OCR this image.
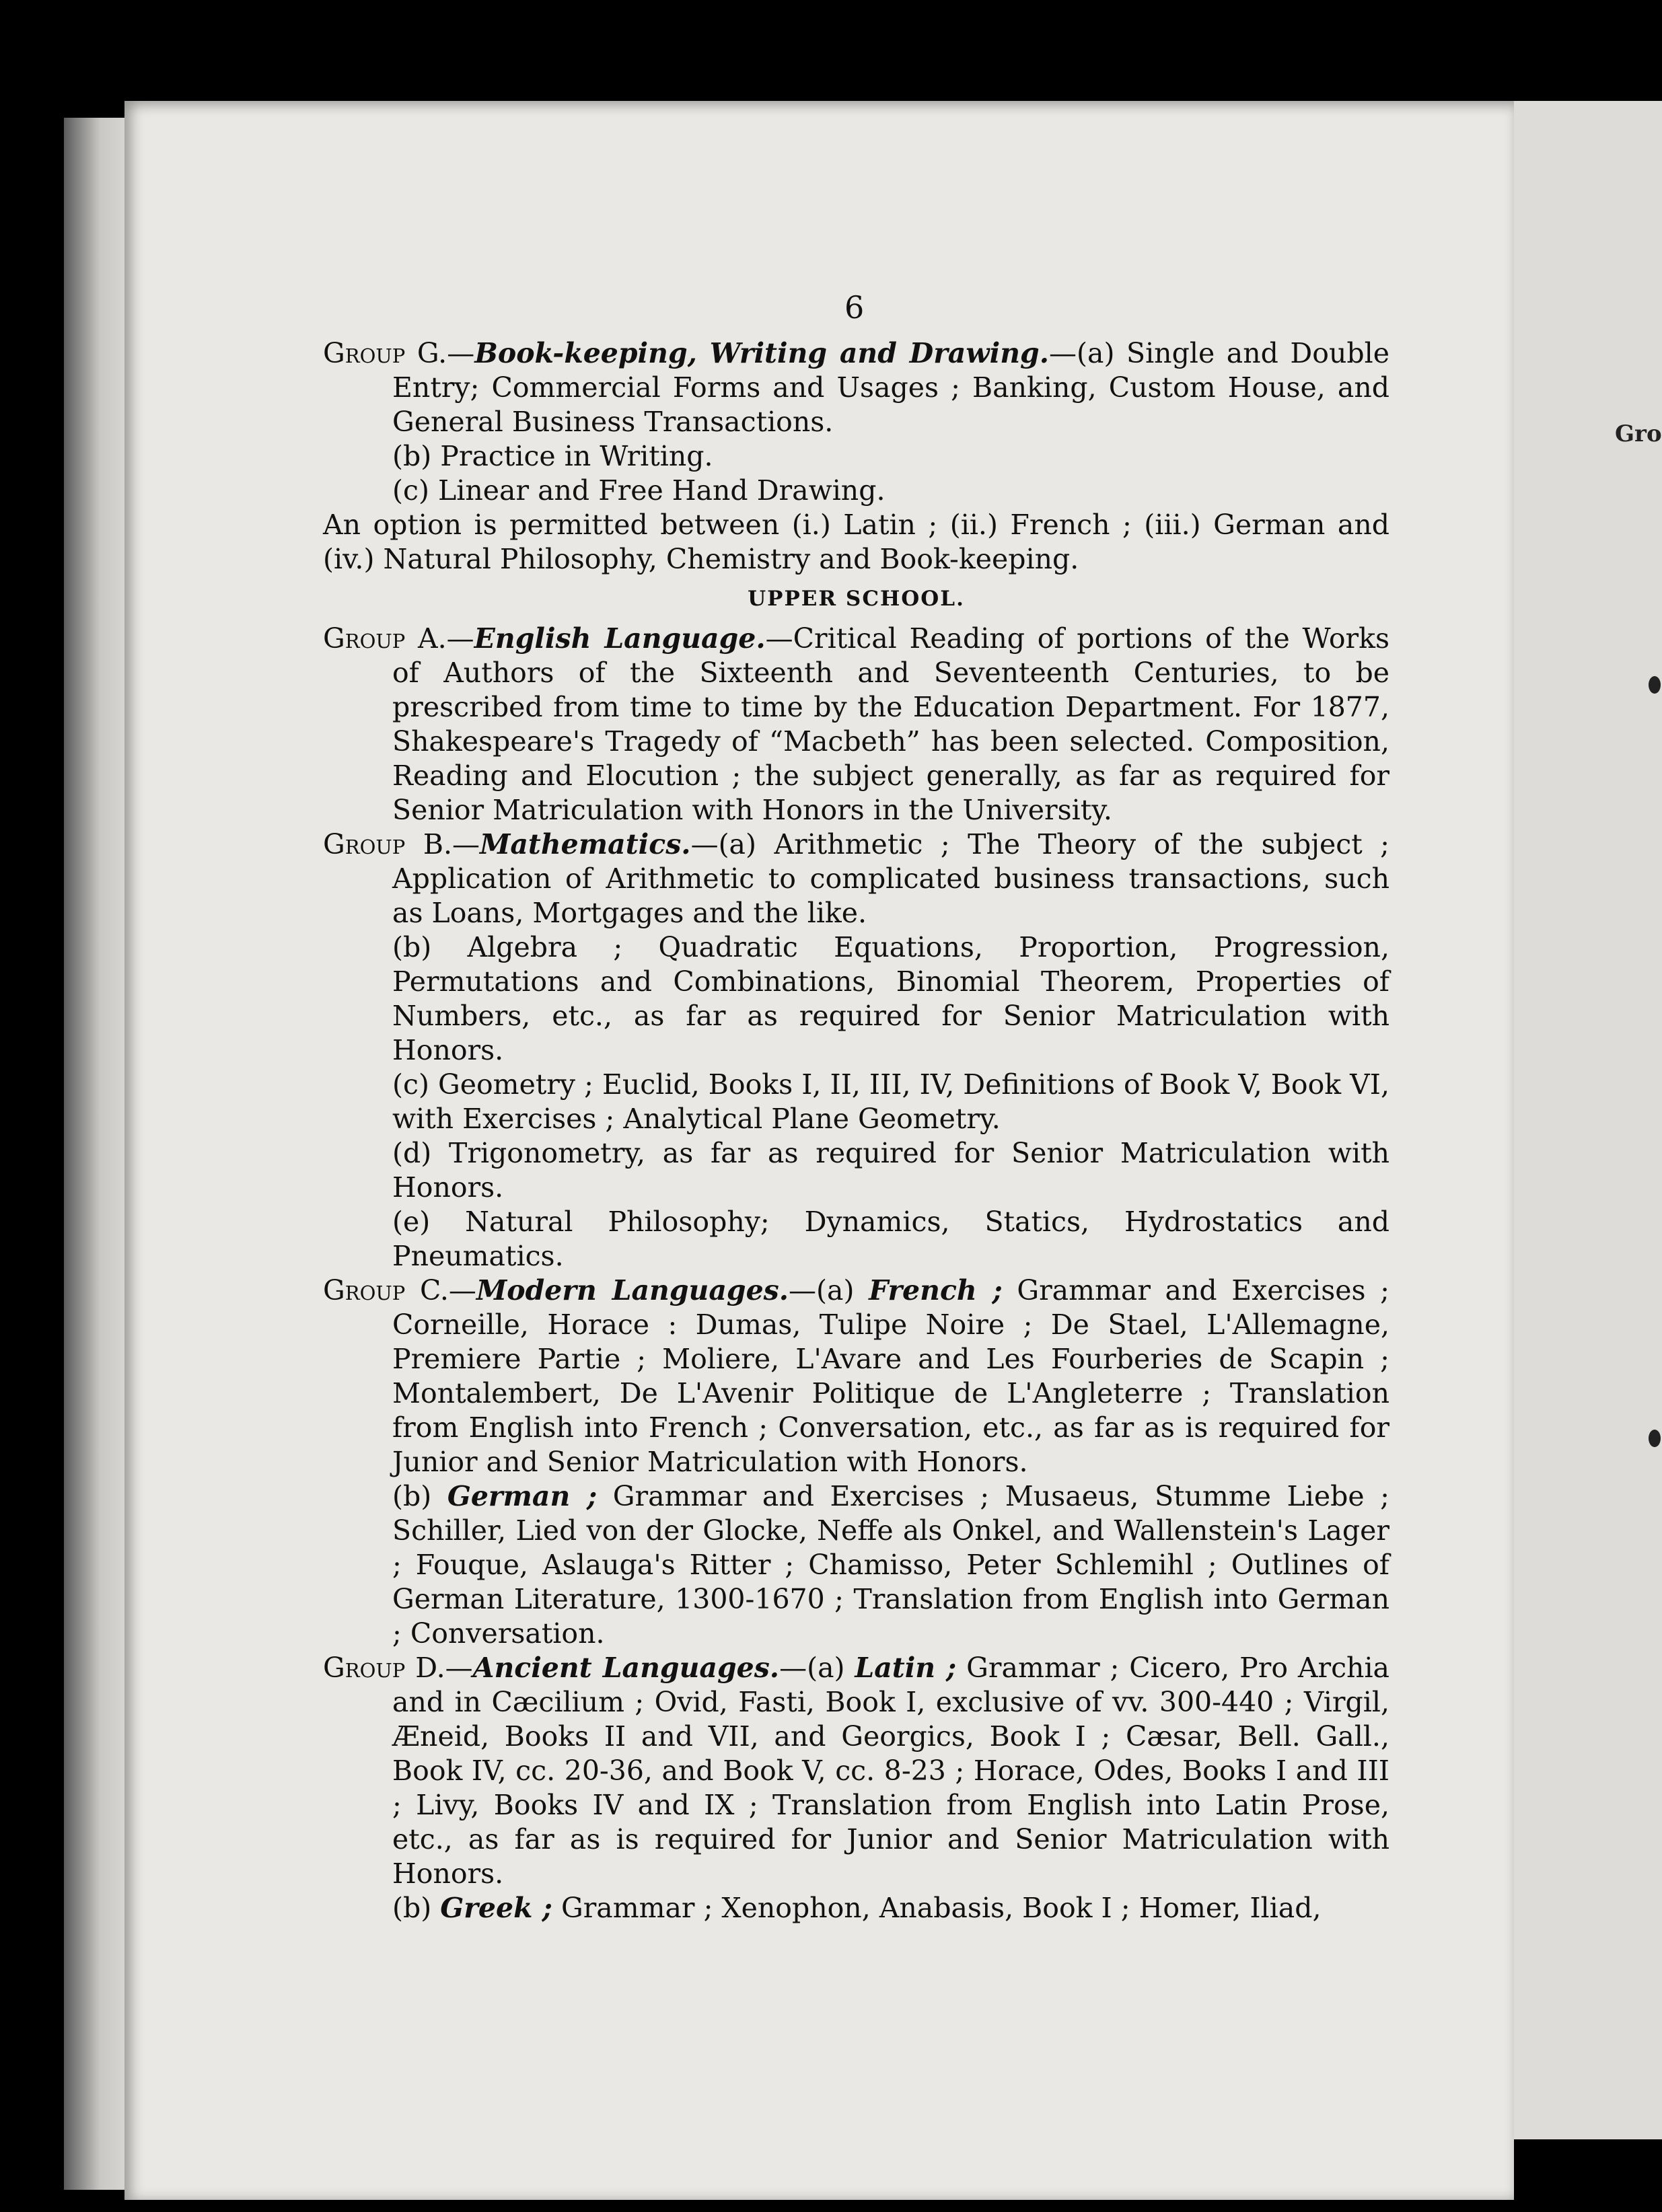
Gro
6

Group G.—Book-keeping, Writing and Drawing.—(a) Single and Double Entry; Commercial Forms and Usages ; Banking, Custom House, and General Business Transactions.

(b) Practice in Writing.

(c) Linear and Free Hand Drawing.

An option is permitted between (i.) Latin ; (ii.) French ; (iii.) German and (iv.) Natural Philosophy, Chemistry and Book-keeping.

UPPER SCHOOL.

Group A.—English Language.—Critical Reading of portions of the Works of Authors of the Sixteenth and Seventeenth Centuries, to be prescribed from time to time by the Education Department. For 1877, Shakespeare's Tragedy of “Macbeth” has been selected. Composition, Reading and Elocution ; the subject generally, as far as required for Senior Matriculation with Honors in the University.

Group B.—Mathematics.—(a) Arithmetic ; The Theory of the subject ; Application of Arithmetic to complicated business transactions, such as Loans, Mortgages and the like.

(b) Algebra ; Quadratic Equations, Proportion, Progression, Permutations and Combinations, Binomial Theorem, Properties of Numbers, etc., as far as required for Senior Matriculation with Honors.

(c) Geometry ; Euclid, Books I, II, III, IV, Definitions of Book V, Book VI, with Exercises ; Analytical Plane Geometry.

(d) Trigonometry, as far as required for Senior Matriculation with Honors.

(e) Natural Philosophy; Dynamics, Statics, Hydrostatics and Pneumatics.

Group C.—Modern Languages.—(a) French ; Grammar and Exercises ; Corneille, Horace : Dumas, Tulipe Noire ; De Stael, L'Allemagne, Premiere Partie ; Moliere, L'Avare and Les Fourberies de Scapin ; Montalembert, De L'Avenir Politique de L'Angleterre ; Translation from English into French ; Conversation, etc., as far as is required for Junior and Senior Matriculation with Honors.

(b) German ; Grammar and Exercises ; Musaeus, Stumme Liebe ; Schiller, Lied von der Glocke, Neffe als Onkel, and Wallenstein's Lager ; Fouque, Aslauga's Ritter ; Chamisso, Peter Schlemihl ; Outlines of German Literature, 1300-1670 ; Translation from English into German ; Conversation.

Group D.—Ancient Languages.—(a) Latin ; Grammar ; Cicero, Pro Archia and in Cæcilium ; Ovid, Fasti, Book I, exclusive of vv. 300-440 ; Virgil, Æneid, Books II and VII, and Georgics, Book I ; Cæsar, Bell. Gall., Book IV, cc. 20-36, and Book V, cc. 8-23 ; Horace, Odes, Books I and III ; Livy, Books IV and IX ; Translation from English into Latin Prose, etc., as far as is required for Junior and Senior Matriculation with Honors.

(b) Greek ; Grammar ; Xenophon, Anabasis, Book I ; Homer, Iliad,
